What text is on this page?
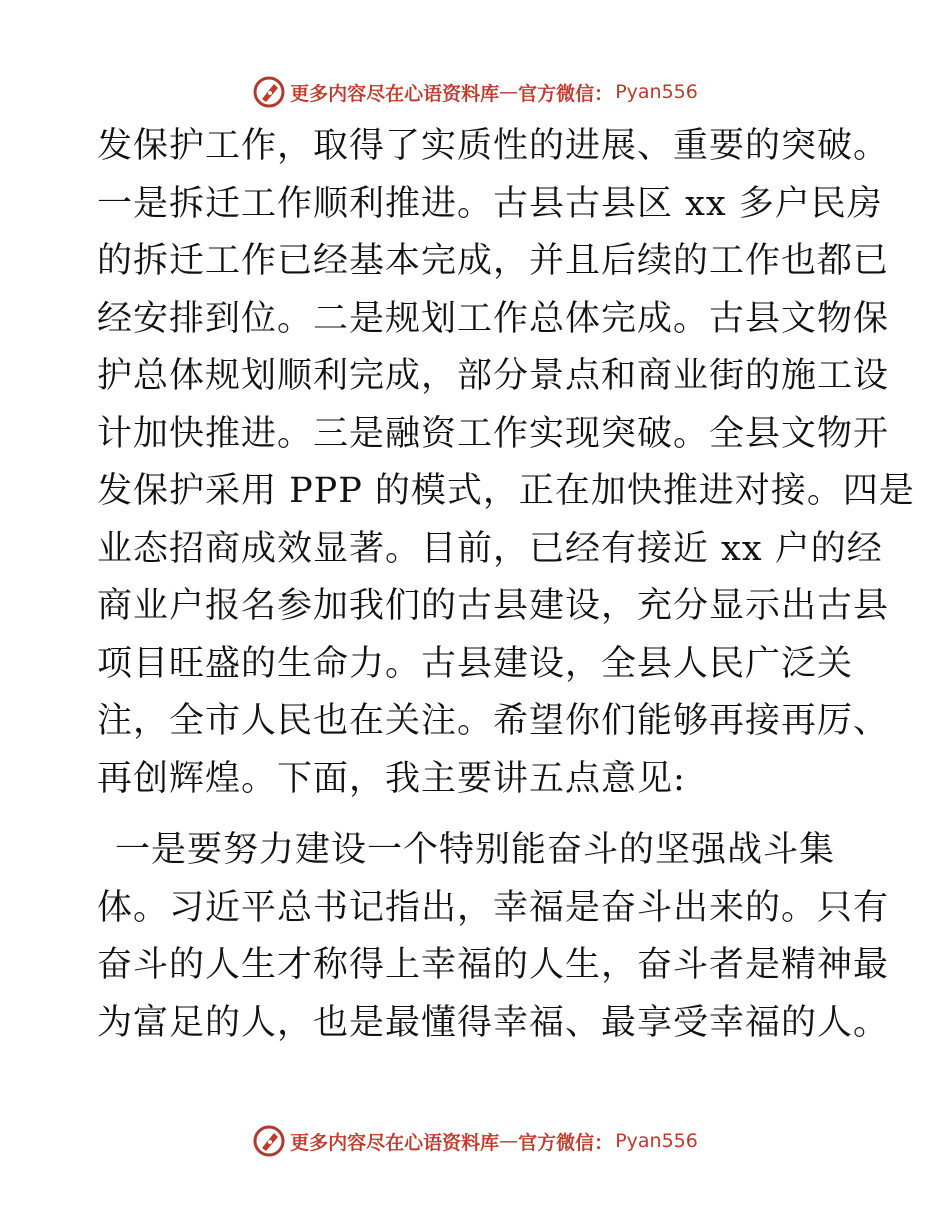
更多内容尽在心语资料库 — 官方微信： Pyan556
发保护工作，取得了实质性的进展、重要的突破。
一是拆迁工作顺利推进。古县古县区 xx 多户民房
的拆迁工作已经基本完成，并且后续的工作也都已
经安排到位。二是规划工作总体完成。古县文物保
护总体规划顺利完成，部分景点和商业街的施工设
计加快推进。三是融资工作实现突破。全县文物开
发保护采用 PPP 的模式，正在加快推进对接。四是
业态招商成效显著。目前，已经有接近 xx 户的经
商业户报名参加我们的古县建设，充分显示出古县
项目旺盛的生命力。古县建设，全县人民广泛关
注，全市人民也在关注。希望你们能够再接再厉、
再创辉煌。下面，我主要讲五点意见:
一是要努力建设一个特别能奋斗的坚强战斗集
体。习近平总书记指出，幸福是奋斗出来的。只有
奋斗的人生才称得上幸福的人生，奋斗者是精神最
为富足的人，也是最懂得幸福、最享受幸福的人。
更多内容尽在心语资料库 — 官方微信： Pyan556
